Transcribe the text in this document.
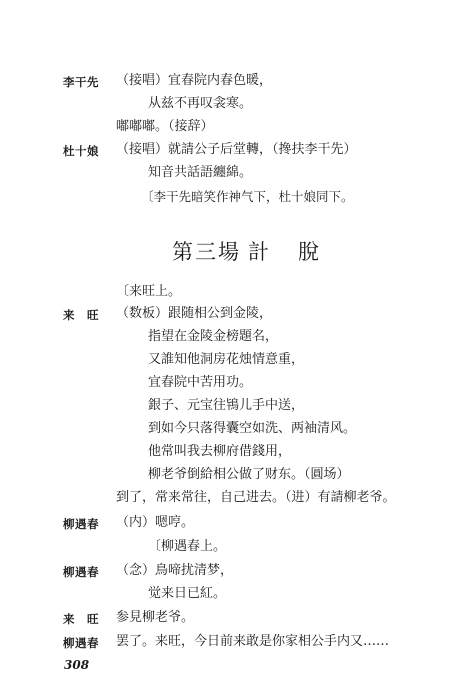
李干先 （接唱）宜春院内春色暖，
从兹不再叹衾寒。
嘟嘟嘟。（接辞）
杜十娘 （接唱）就請公子后堂轉，（搀扶李干先）
知音共話語纏綿。
〔李干先暗笑作神气下，杜十娘同下。
第三場 計 脫
〔来旺上。
来　旺 （数板）跟随相公到金陵，
指望在金陵金榜題名，
又誰知他洞房花烛情意重，
宜春院中苦用功。
銀子、元宝往鴇儿手中送，
到如今只落得囊空如洗、两袖清风。
他常叫我去柳府借錢用，
柳老爷倒給相公做了财东。（圓场）
到了，常来常往，自己进去。（进）有請柳老爷。
柳遇春 （内）嗯哼。
〔柳遇春上。
柳遇春 （念）鳥啼扰清梦，
觉来日已紅。
来　旺 参見柳老爷。
柳遇春 罢了。来旺，今日前来敢是你家相公手内又……
308
